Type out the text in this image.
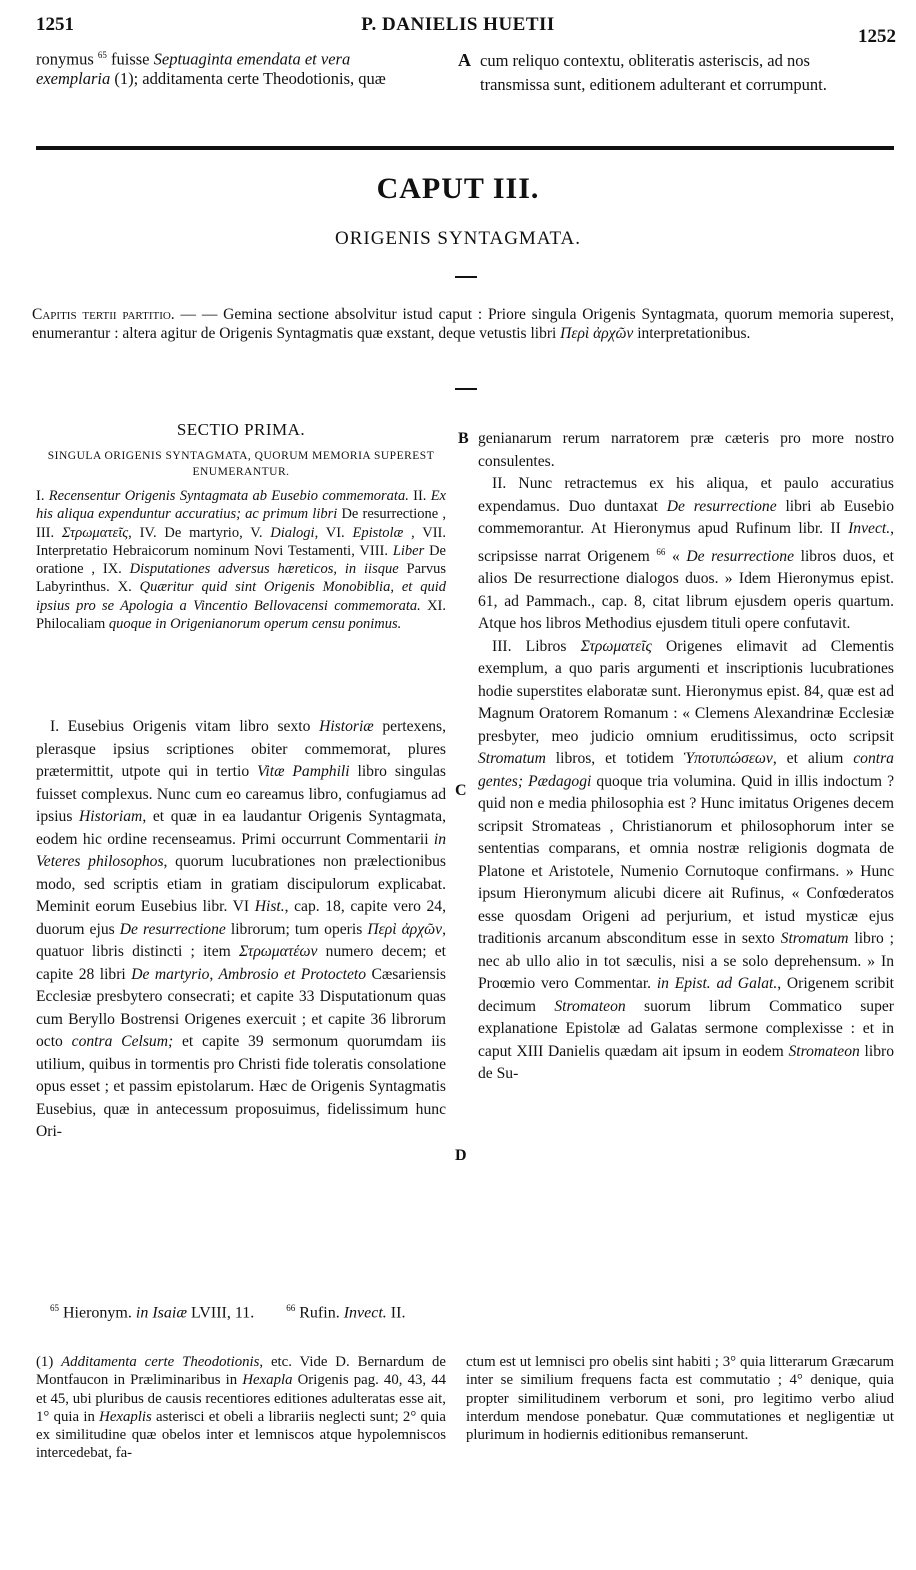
1251	P. DANIELIS HUETII
1252
ronymus $^{65}$ fuisse Septuaginta emendata et vera
exemplaria (1); additamenta certe Theodotionis, quæ
A cum reliquo contextu, obliteratis asteriscis, ad nos
transmissa sunt, editionem adulterant et corrumpunt.
CAPUT III.
ORIGENIS SYNTAGMATA.
Capitis tertii partitio. — — Gemina sectione absolvitur istud caput : Priore singula Origenis Syntagmata, quorum memoria superest, enumerantur : altera agitur de Origenis Syntagmatis quæ exstant, deque vetustis libri Περὶ ἀρχῶν interpretationibus.
SECTIO PRIMA.
SINGULA ORIGENIS SYNTAGMATA, QUORUM MEMORIA SUPEREST ENUMERANTUR.
I. Recensentur Origenis Syntagmata ab Eusebio commemorata. II. Ex his aliqua expenduntur accuratius; ac primum libri De resurrectione , III. Στρωματεῖς, IV. De martyrio, V. Dialogi, VI. Epistolæ , VII. Interpretatio Hebraicorum nominum Novi Testamenti, VIII. Liber De oratione , IX. Disputationes adversus hæreticos, in iisque Parvus Labyrinthus. X. Quæritur quid sint Origenis Monobiblia, et quid ipsius pro se Apologia a Vincentio Bellovacensi commemorata. XI. Philocaliam quoque in Origenianorum operum censu ponimus.

I. Eusebius Origenis vitam libro sexto Historiæ pertexens, plerasque ipsius scriptiones obiter commemorat, plures prætermittit, utpote qui in tertio Vitæ Pamphili libro singulas fuisset complexus. Nunc cum eo careamus libro, confugiamus ad ipsius Historiam, et quæ in ea laudantur Origenis Syntagmata, eodem hic ordine recenseamus. Primi occurrunt Commentarii in Veteres philosophos, quorum lucubrationes non prælectionibus modo, sed scriptis etiam in gratiam discipulorum explicabat. Meminit eorum Eusebius libr. VI Hist., cap. 18, capite vero 24, duorum ejus De resurrectione librorum; tum operis Περὶ ἀρχῶν, quatuor libris distincti ; item Στρωματέων numero decem; et capite 28 libri De martyrio, Ambrosio et Protocteto Cæsariensis Ecclesiæ presbytero consecrati; et capite 33 Disputationum quas cum Beryllo Bostrensi Origenes exercuit ; et capite 36 librorum octo contra Celsum; et capite 39 sermonum quorumdam iis utilium, quibus in tormentis pro Christi fide toleratis consolatione opus esset ; et passim epistolarum. Hæc de Origenis Syntagmatis Eusebius, quæ in antecessum proposuimus, fidelissimum hunc Ori-

B
C
D

genianarum rerum narratorem præ cæteris pro more nostro consulentes.

II. Nunc retractemus ex his aliqua, et paulo accuratius expendamus. Duo duntaxat De resurrectione libri ab Eusebio commemorantur. At Hieronymus apud Rufinum libr. II Invect., scripsisse narrat Origenem $^{66}$ « De resurrectione libros duos, et alios De resurrectione dialogos duos. » Idem Hieronymus epist. 61, ad Pammach., cap. 8, citat librum ejusdem operis quartum. Atque hos libros Methodius ejusdem tituli opere confutavit.

III. Libros Στρωματεῖς Origenes elimavit ad Clementis exemplum, a quo paris argumenti et inscriptionis lucubrationes hodie superstites elaboratæ sunt. Hieronymus epist. 84, quæ est ad Magnum Oratorem Romanum : « Clemens Alexandrinæ Ecclesiæ presbyter, meo judicio omnium eruditissimus, octo scripsit Stromatum libros, et totidem Ὑποτυπώσεων, et alium contra gentes; Pædagogi quoque tria volumina. Quid in illis indoctum ? quid non e media philosophia est ? Hunc imitatus Origenes decem scripsit Stromateas , Christianorum et philosophorum inter se sententias comparans, et omnia nostræ religionis dogmata de Platone et Aristotele, Numenio Cornutoque confirmans. » Hunc ipsum Hieronymum alicubi dicere ait Rufinus, « Confœderatos esse quosdam Origeni ad perjurium, et istud mysticæ ejus traditionis arcanum absconditum esse in sexto Stromatum libro ; nec ab ullo alio in tot sæculis, nisi a se solo deprehensum. » In Proœmio vero Commentar. in Epist. ad Galat., Origenem scribit decimum Stromateon suorum librum Commatico super explanatione Epistolæ ad Galatas sermone complexisse : et in caput XIII Danielis quædam ait ipsum in eodem Stromateon libro de Su-

$^{65}$ Hieronym. in Isaiæ LVIII, 11.	$^{66}$ Rufin. Invect. II.
(1) Additamenta certe Theodotionis, etc. Vide D. Bernardum de Montfaucon in Præliminaribus in Hexapla Origenis pag. 40, 43, 44 et 45, ubi pluribus de causis recentiores editiones adulteratas esse ait, 1° quia in Hexaplis asterisci et obeli a librariis neglecti sunt; 2° quia ex similitudine quæ obelos inter et lemniscos atque hypolemniscos intercedebat, fa-
ctum est ut lemnisci pro obelis sint habiti ; 3° quia litterarum Græcarum inter se similium frequens facta est commutatio ; 4° denique, quia propter similitudinem verborum et soni, pro legitimo verbo aliud interdum mendose ponebatur. Quæ commutationes et negligentiæ ut plurimum in hodiernis editionibus remanserunt.
